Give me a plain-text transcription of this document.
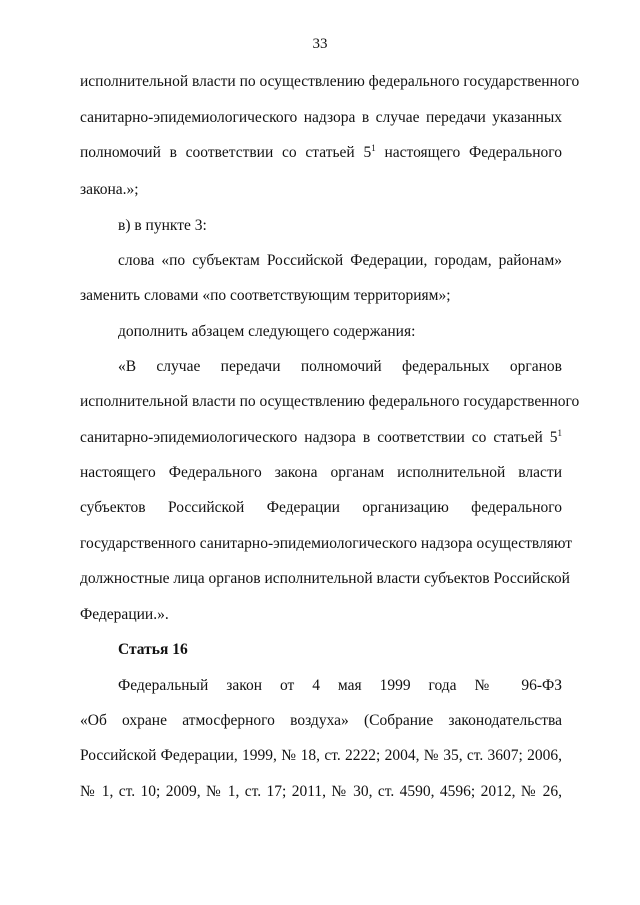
33
исполнительной власти по осуществлению федерального государственного
санитарно-эпидемиологического надзора в случае передачи указанных
полномочий в соответствии со статьей $5^1$ настоящего Федерального
закона.»;
в) в пункте 3:
слова «по субъектам Российской Федерации, городам, районам»
заменить словами «по соответствующим территориям»;
дополнить абзацем следующего содержания:
«В случае передачи полномочий федеральных органов
исполнительной власти по осуществлению федерального государственного
санитарно-эпидемиологического надзора в соответствии со статьей $5^1$
настоящего Федерального закона органам исполнительной власти
субъектов Российской Федерации организацию федерального
государственного санитарно-эпидемиологического надзора осуществляют
должностные лица органов исполнительной власти субъектов Российской
Федерации.».
Статья 16
Федеральный закон от 4 мая 1999 года № 96-ФЗ
«Об охране атмосферного воздуха» (Собрание законодательства
Российской Федерации, 1999, № 18, ст. 2222; 2004, № 35, ст. 3607; 2006,
№ 1, ст. 10; 2009, № 1, ст. 17; 2011, № 30, ст. 4590, 4596; 2012, № 26,
